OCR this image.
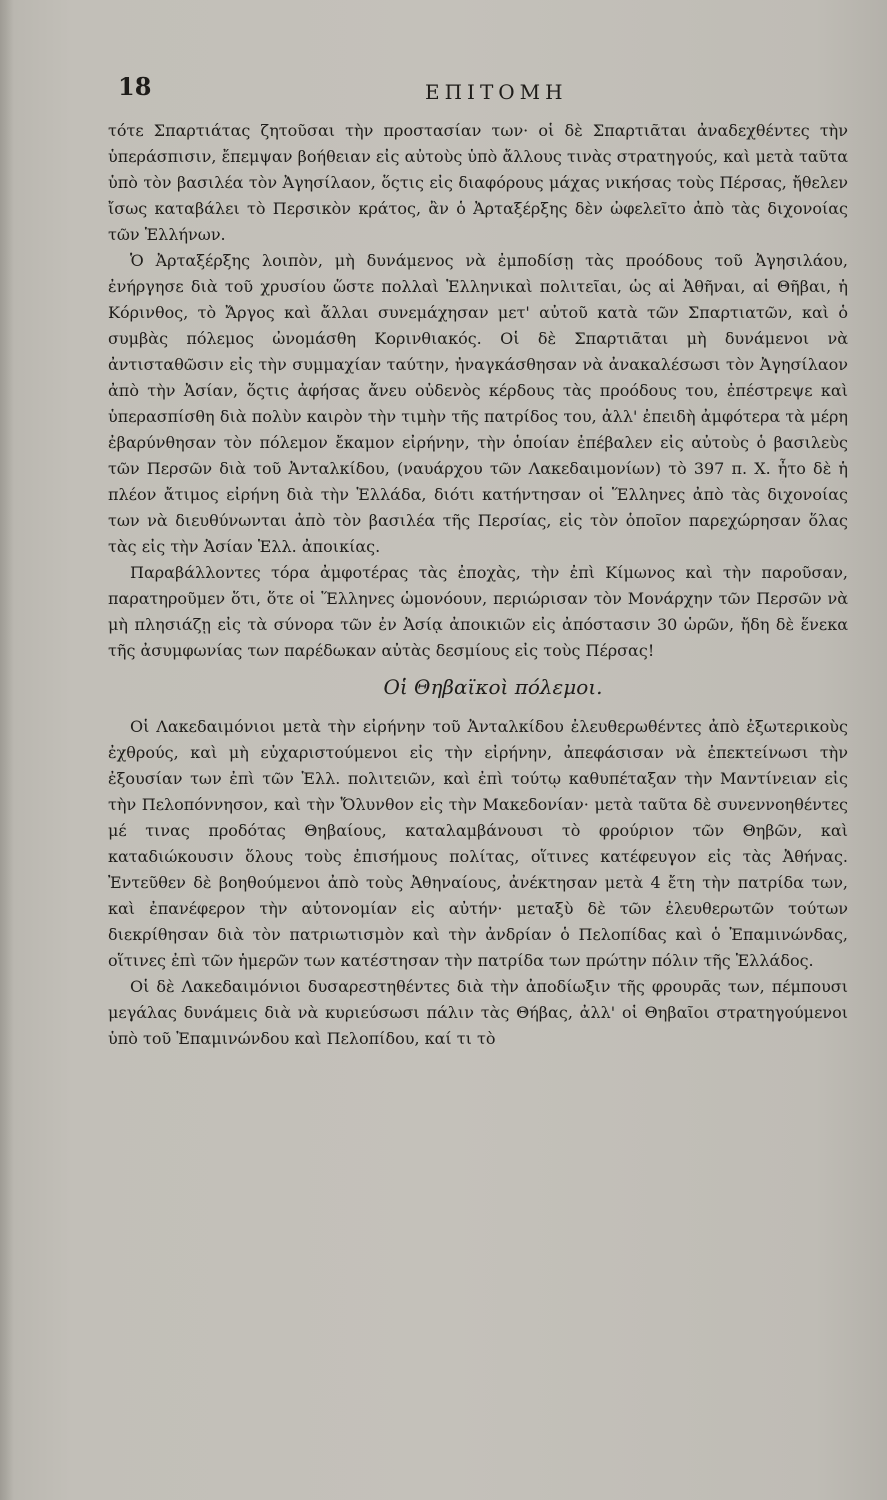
18	ΕΠΙΤΟΜΗ

τότε Σπαρτιάτας ζητοῦσαι τὴν προστασίαν των· οἱ δὲ Σπαρτιᾶται ἀναδεχθέντες τὴν ὑπεράσπισιν, ἔπεμψαν βοήθειαν εἰς αὐτοὺς ὑπὸ ἄλλους τινὰς στρατηγούς, καὶ μετὰ ταῦτα ὑπὸ τὸν βασιλέα τὸν Ἀγησίλαον, ὅςτις εἰς διαφόρους μάχας νικήσας τοὺς Πέρσας, ἤθελεν ἴσως καταβάλει τὸ Περσικὸν κράτος, ἂν ὁ Ἀρταξέρξης δὲν ὠφελεῖτο ἀπὸ τὰς διχονοίας τῶν Ἑλλήνων.

Ὁ Ἀρταξέρξης λοιπὸν, μὴ δυνάμενος νὰ ἐμποδίσῃ τὰς προόδους τοῦ Ἀγησιλάου, ἐνήργησε διὰ τοῦ χρυσίου ὥστε πολλαὶ Ἑλληνικαὶ πολιτεῖαι, ὡς αἱ Ἀθῆναι, αἱ Θῆβαι, ἡ Κόρινθος, τὸ Ἄργος καὶ ἄλλαι συνεμάχησαν μετ' αὐτοῦ κατὰ τῶν Σπαρτιατῶν, καὶ ὁ συμβὰς πόλεμος ὠνομάσθη Κορινθιακός. Οἱ δὲ Σπαρτιᾶται μὴ δυνάμενοι νὰ ἀντισταθῶσιν εἰς τὴν συμμαχίαν ταύτην, ἠναγκάσθησαν νὰ ἀνακαλέσωσι τὸν Ἀγησίλαον ἀπὸ τὴν Ἀσίαν, ὅςτις ἀφήσας ἄνευ οὐδενὸς κέρδους τὰς προόδους του, ἐπέστρεψε καὶ ὑπερασπίσθη διὰ πολὺν καιρὸν τὴν τιμὴν τῆς πατρίδος του, ἀλλ' ἐπειδὴ ἀμφότερα τὰ μέρη ἐβαρύνθησαν τὸν πόλεμον ἔκαμον εἰρήνην, τὴν ὁποίαν ἐπέβαλεν εἰς αὐτοὺς ὁ βασιλεὺς τῶν Περσῶν διὰ τοῦ Ἀνταλκίδου, (ναυάρχου τῶν Λακεδαιμονίων) τὸ 397 π. Χ. ἦτο δὲ ἡ πλέον ἄτιμος εἰρήνη διὰ τὴν Ἑλλάδα, διότι κατήντησαν οἱ Ἕλληνες ἀπὸ τὰς διχονοίας των νὰ διευθύνωνται ἀπὸ τὸν βασιλέα τῆς Περσίας, εἰς τὸν ὁποῖον παρεχώρησαν ὅλας τὰς εἰς τὴν Ἀσίαν Ἑλλ. ἀποικίας.

Παραβάλλοντες τόρα ἀμφοτέρας τὰς ἐποχὰς, τὴν ἐπὶ Κίμωνος καὶ τὴν παροῦσαν, παρατηροῦμεν ὅτι, ὅτε οἱ Ἕλληνες ὡμονόουν, περιώρισαν τὸν Μονάρχην τῶν Περσῶν νὰ μὴ πλησιάζῃ εἰς τὰ σύνορα τῶν ἐν Ἀσίᾳ ἀποικιῶν εἰς ἀπόστασιν 30 ὡρῶν, ἤδη δὲ ἕνεκα τῆς ἀσυμφωνίας των παρέδωκαν αὐτὰς δεσμίους εἰς τοὺς Πέρσας!

Οἱ Θηβαϊκοὶ πόλεμοι.

Οἱ Λακεδαιμόνιοι μετὰ τὴν εἰρήνην τοῦ Ἀνταλκίδου ἐλευθερωθέντες ἀπὸ ἐξωτερικοὺς ἐχθρούς, καὶ μὴ εὐχαριστούμενοι εἰς τὴν εἰρήνην, ἀπεφάσισαν νὰ ἐπεκτείνωσι τὴν ἐξουσίαν των ἐπὶ τῶν Ἑλλ. πολιτειῶν, καὶ ἐπὶ τούτῳ καθυπέταξαν τὴν Μαντίνειαν εἰς τὴν Πελοπόννησον, καὶ τὴν Ὄλυνθον εἰς τὴν Μακεδονίαν· μετὰ ταῦτα δὲ συνεννοηθέντες μέ τινας προδότας Θηβαίους, καταλαμβάνουσι τὸ φρούριον τῶν Θηβῶν, καὶ καταδιώκουσιν ὅλους τοὺς ἐπισήμους πολίτας, οἵτινες κατέφευγον εἰς τὰς Ἀθήνας. Ἐντεῦθεν δὲ βοηθούμενοι ἀπὸ τοὺς Ἀθηναίους, ἀνέκτησαν μετὰ 4 ἔτη τὴν πατρίδα των, καὶ ἐπανέφερον τὴν αὐτονομίαν εἰς αὐτήν· μεταξὺ δὲ τῶν ἐλευθερωτῶν τούτων διεκρίθησαν διὰ τὸν πατριωτισμὸν καὶ τὴν ἀνδρίαν ὁ Πελοπίδας καὶ ὁ Ἐπαμινώνδας, οἵτινες ἐπὶ τῶν ἡμερῶν των κατέστησαν τὴν πατρίδα των πρώτην πόλιν τῆς Ἑλλάδος.

Οἱ δὲ Λακεδαιμόνιοι δυσαρεστηθέντες διὰ τὴν ἀποδίωξιν τῆς φρουρᾶς των, πέμπουσι μεγάλας δυνάμεις διὰ νὰ κυριεύσωσι πάλιν τὰς Θήβας, ἀλλ' οἱ Θηβαῖοι στρατηγούμενοι ὑπὸ τοῦ Ἐπαμινώνδου καὶ Πελοπίδου, καί τι τὸ
